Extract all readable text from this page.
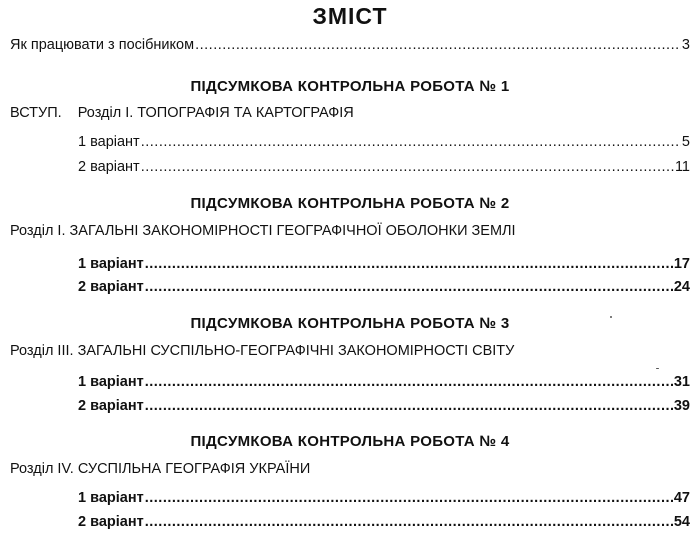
ЗМІСТ
Як працювати з посібником .....	3
ПІДСУМКОВА КОНТРОЛЬНА РОБОТА № 1
ВСТУП. Розділ І. ТОПОГРАФІЯ ТА КАРТОГРАФІЯ
1 варіант .....	5
2 варіант .....	11
ПІДСУМКОВА КОНТРОЛЬНА РОБОТА № 2
Розділ І. ЗАГАЛЬНІ ЗАКОНОМІРНОСТІ ГЕОГРАФІЧНОЇ ОБОЛОНКИ ЗЕМЛІ
1 варіант .....	17
2 варіант .....	24
ПІДСУМКОВА КОНТРОЛЬНА РОБОТА № 3
Розділ ІІІ. ЗАГАЛЬНІ СУСПІЛЬНО-ГЕОГРАФІЧНІ ЗАКОНОМІРНОСТІ СВІТУ
1 варіант .....	31
2 варіант .....	39
ПІДСУМКОВА КОНТРОЛЬНА РОБОТА № 4
Розділ IV. СУСПІЛЬНА ГЕОГРАФІЯ УКРАЇНИ
1 варіант .....	47
2 варіант .....	54
